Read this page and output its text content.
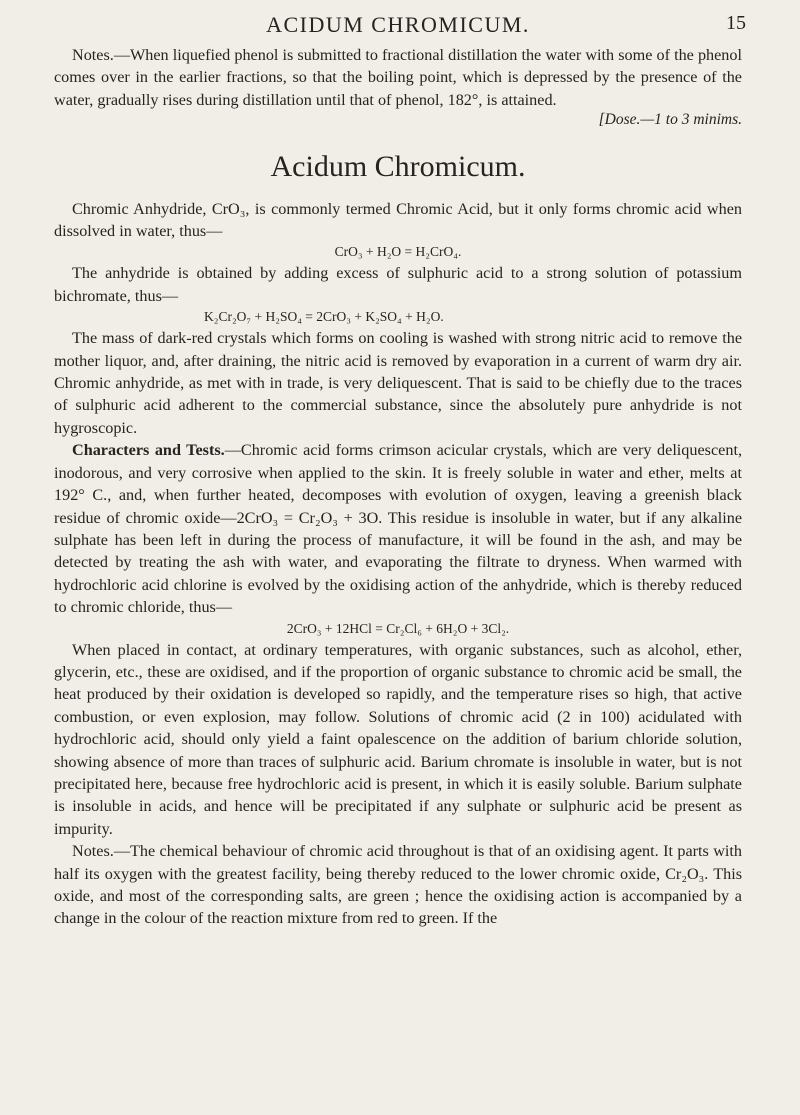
ACIDUM CHROMICUM.	15

Notes.—When liquefied phenol is submitted to fractional distillation the water with some of the phenol comes over in the earlier fractions, so that the boiling point, which is depressed by the presence of the water, gradually rises during distillation until that of phenol, 182°, is attained.

[Dose.—1 to 3 minims.

Acidum Chromicum.

Chromic Anhydride, CrO₃, is commonly termed Chromic Acid, but it only forms chromic acid when dissolved in water, thus—

CrO₃ + H₂O = H₂CrO₄.

The anhydride is obtained by adding excess of sulphuric acid to a strong solution of potassium bichromate, thus—

K₂Cr₂O₇ + H₂SO₄ = 2CrO₃ + K₂SO₄ + H₂O.

The mass of dark-red crystals which forms on cooling is washed with strong nitric acid to remove the mother liquor, and, after draining, the nitric acid is removed by evaporation in a current of warm dry air. Chromic anhydride, as met with in trade, is very deliquescent. That is said to be chiefly due to the traces of sulphuric acid adherent to the commercial substance, since the absolutely pure anhydride is not hygroscopic.

Characters and Tests.—Chromic acid forms crimson acicular crystals, which are very deliquescent, inodorous, and very corrosive when applied to the skin. It is freely soluble in water and ether, melts at 192° C., and, when further heated, decomposes with evolution of oxygen, leaving a greenish black residue of chromic oxide—2CrO₃ = Cr₂O₃ + 3O. This residue is insoluble in water, but if any alkaline sulphate has been left in during the process of manufacture, it will be found in the ash, and may be detected by treating the ash with water, and evaporating the filtrate to dryness. When warmed with hydrochloric acid chlorine is evolved by the oxidising action of the anhydride, which is thereby reduced to chromic chloride, thus—

2CrO₃ + 12HCl = Cr₂Cl₆ + 6H₂O + 3Cl₂.

When placed in contact, at ordinary temperatures, with organic substances, such as alcohol, ether, glycerin, etc., these are oxidised, and if the proportion of organic substance to chromic acid be small, the heat produced by their oxidation is developed so rapidly, and the temperature rises so high, that active combustion, or even explosion, may follow. Solutions of chromic acid (2 in 100) acidulated with hydrochloric acid, should only yield a faint opalescence on the addition of barium chloride solution, showing absence of more than traces of sulphuric acid. Barium chromate is insoluble in water, but is not precipitated here, because free hydrochloric acid is present, in which it is easily soluble. Barium sulphate is insoluble in acids, and hence will be precipitated if any sulphate or sulphuric acid be present as impurity.

Notes.—The chemical behaviour of chromic acid throughout is that of an oxidising agent. It parts with half its oxygen with the greatest facility, being thereby reduced to the lower chromic oxide, Cr₂O₃. This oxide, and most of the corresponding salts, are green ; hence the oxidising action is accompanied by a change in the colour of the reaction mixture from red to green. If the
